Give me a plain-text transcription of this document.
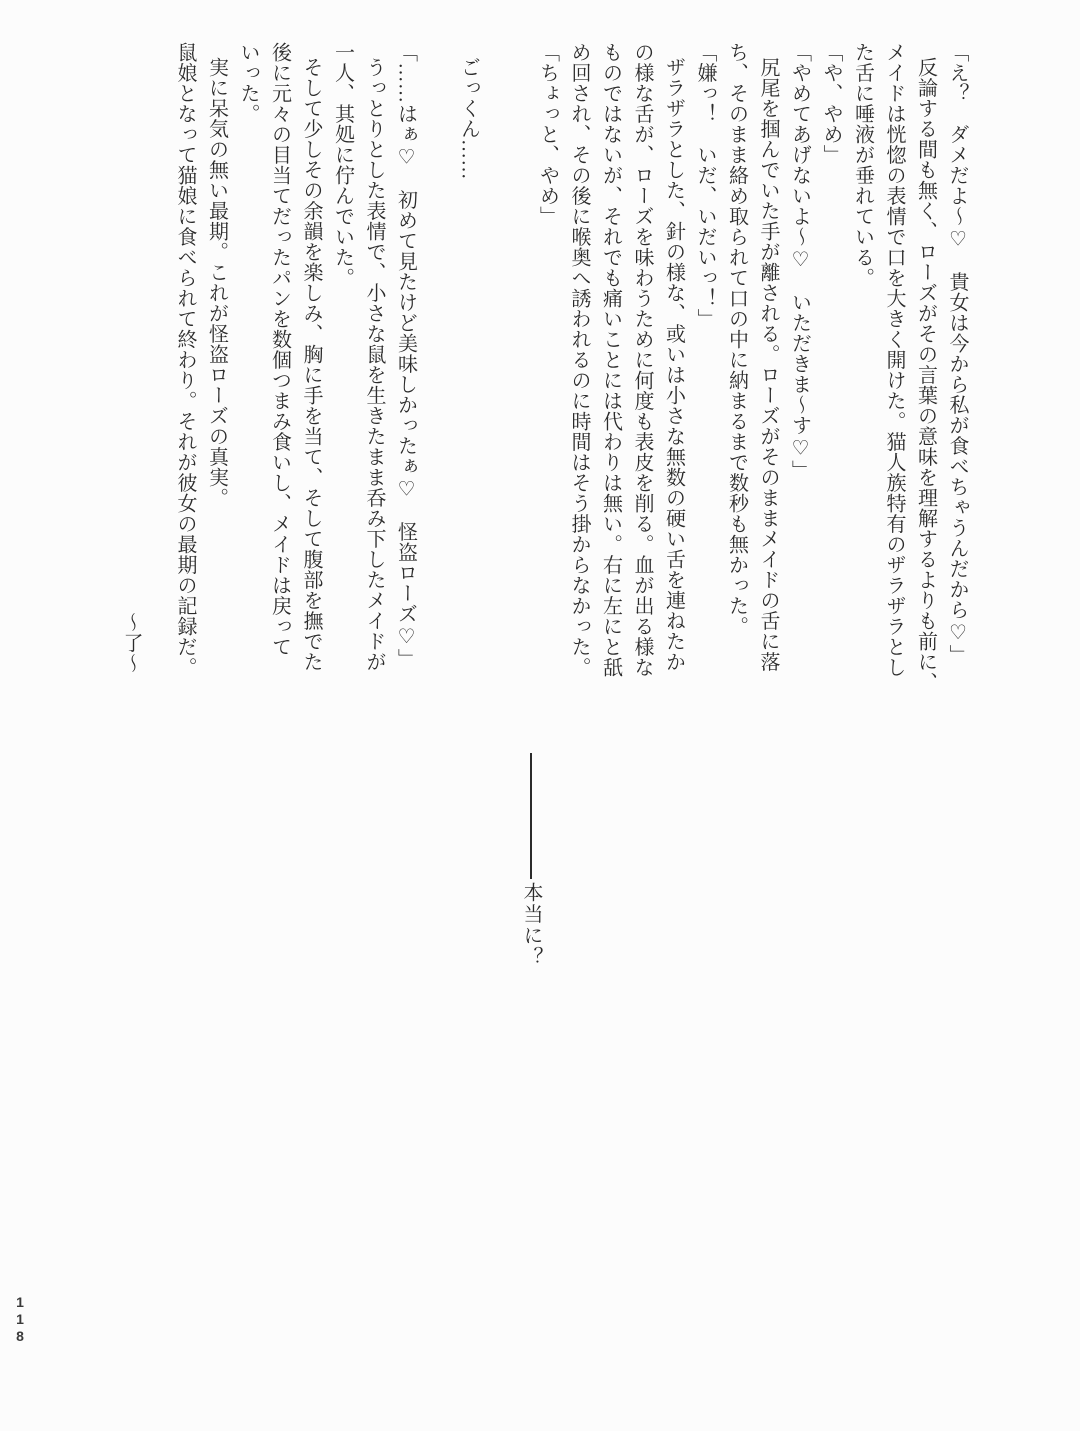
「え？　ダメだよ～♡　貴女は今から私が食べちゃうんだから♡」
反論する間も無く、ローズがその言葉の意味を理解するよりも前に、
メイドは恍惚の表情で口を大きく開けた。猫人族特有のザラザラとし
た舌に唾液が垂れている。
「や、やめ」
「やめてあげないよ～♡　いただきま～す♡」
尻尾を掴んでいた手が離される。ローズがそのままメイドの舌に落
ち、そのまま絡め取られて口の中に納まるまで数秒も無かった。
「嫌っ！　いだ、いだいっ！」
ザラザラとした、針の様な、或いは小さな無数の硬い舌を連ねたか
の様な舌が、ローズを味わうために何度も表皮を削る。血が出る様な
ものではないが、それでも痛いことには代わりは無い。右に左にと舐
め回され、その後に喉奥へ誘われるのに時間はそう掛からなかった。
「ちょっと、やめ」
ごっくん……
「……はぁ♡　初めて見たけど美味しかったぁ♡　怪盗ローズ♡」
うっとりとした表情で、小さな鼠を生きたまま呑み下したメイドが
一人、其処に佇んでいた。
そして少しその余韻を楽しみ、胸に手を当て、そして腹部を撫でた
後に元々の目当てだったパンを数個つまみ食いし、メイドは戻って
いった。
実に呆気の無い最期。これが怪盗ローズの真実。
鼠娘となって猫娘に食べられて終わり。それが彼女の最期の記録だ。
本当に？
～了～
118
